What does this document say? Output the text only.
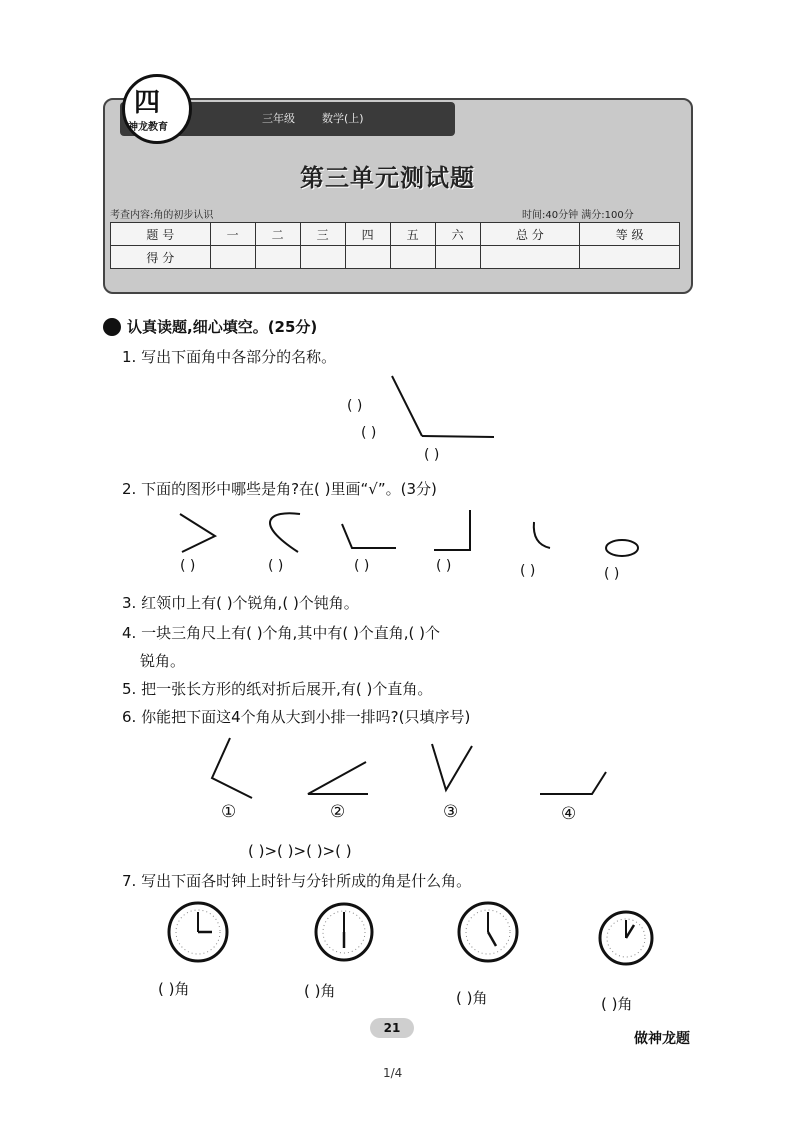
四
神龙教育
三年级 数学(上)
第三单元测试题
考查内容:角的初步认识	时间:40分钟 满分:100分
题 号	一	二	三	四	五	六	总 分	等 级
得 分								
认真读题,细心填空。(25分)
1. 写出下面角中各部分的名称。
( )
( )
( )
2. 下面的图形中哪些是角?在( )里画“√”。(3分)
( )	( )	( )	( )	( )	( )
3. 红领巾上有( )个锐角,( )个钝角。
4. 一块三角尺上有( )个角,其中有( )个直角,( )个
锐角。
5. 把一张长方形的纸对折后展开,有( )个直角。
6. 你能把下面这4个角从大到小排一排吗?(只填序号)
①	②	③	④
( )>( )>( )>( )
7. 写出下面各时钟上时针与分针所成的角是什么角。
( )角	( )角	( )角	( )角
21
做神龙题
1/4
